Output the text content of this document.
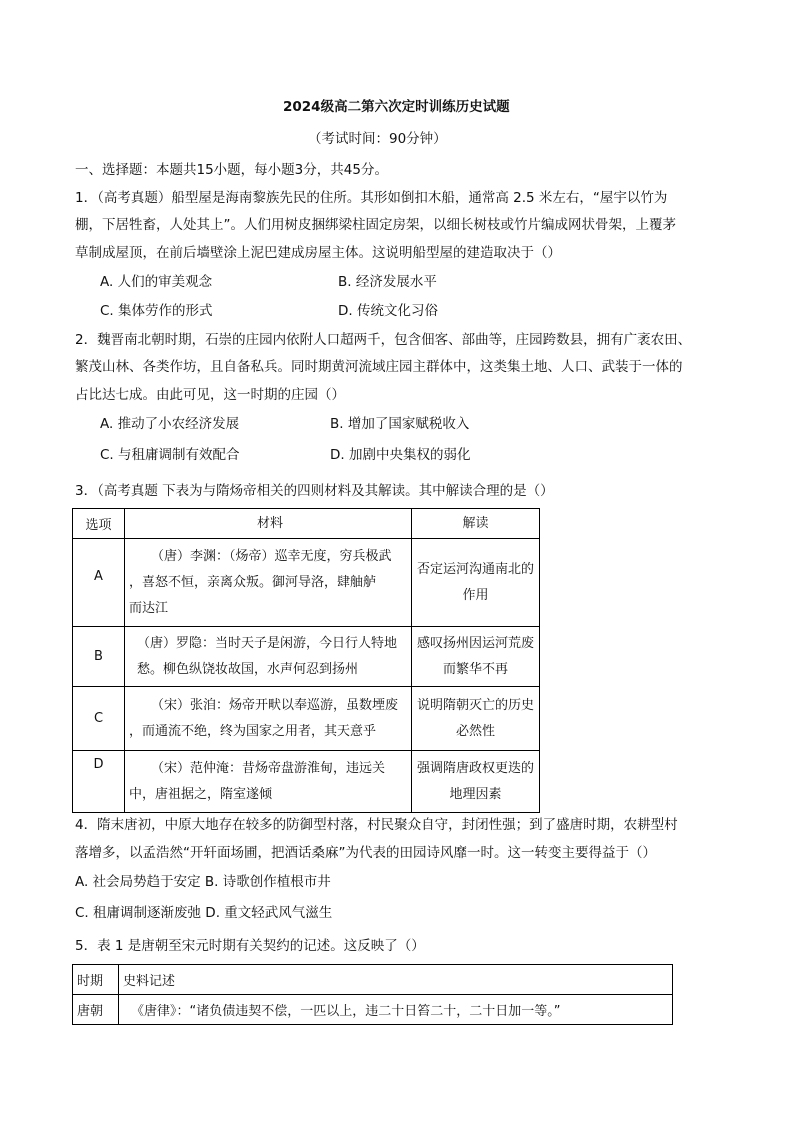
2024级高二第六次定时训练历史试题
（考试时间：90分钟）
一、选择题：本题共15小题，每小题3分，共45分。
1．（高考真题）船型屋是海南黎族先民的住所。其形如倒扣木船，通常高 2.5 米左右，“屋宇以竹为
棚，下居牲畜，人处其上”。人们用树皮捆绑梁柱固定房架，以细长树枝或竹片编成网状骨架，上覆茅
草制成屋顶，在前后墙壁涂上泥巴建成房屋主体。这说明船型屋的建造取决于（）
A. 人们的审美观念	B. 经济发展水平
C. 集体劳作的形式	D. 传统文化习俗
2．魏晋南北朝时期，石崇的庄园内依附人口超两千，包含佃客、部曲等，庄园跨数县，拥有广袤农田、
繁茂山林、各类作坊，且自备私兵。同时期黄河流域庄园主群体中，这类集土地、人口、武装于一体的
占比达七成。由此可见，这一时期的庄园（）
A. 推动了小农经济发展	B. 增加了国家赋税收入
C. 与租庸调制有效配合	D. 加剧中央集权的弱化
3．（高考真题 下表为与隋炀帝相关的四则材料及其解读。其中解读合理的是（）
选项	材料	解读
A	（唐）李渊：（炀帝）巡幸无度，穷兵极武
，喜怒不恒，亲离众叛。御河导洛，肆舳舻
而达江	否定运河沟通南北的
作用

B	（唐）罗隐：当时天子是闲游，今日行人特地
愁。柳色纵饶妆故国，水声何忍到扬州	感叹扬州因运河荒废
而繁华不再

C	（宋）张洎：炀帝开畎以奉巡游，虽数堙废
，而通流不绝，终为国家之用者，其天意乎	说明隋朝灭亡的历史
必然性

D	（宋）范仲淹：昔炀帝盘游淮甸，违远关
中，唐祖据之，隋室遂倾	强调隋唐政权更迭的
地理因素
4．隋末唐初，中原大地存在较多的防御型村落，村民聚众自守，封闭性强；到了盛唐时期，农耕型村
落增多，以孟浩然“开轩面场圃，把酒话桑麻”为代表的田园诗风靡一时。这一转变主要得益于（）
A. 社会局势趋于安定 B. 诗歌创作植根市井
C. 租庸调制逐渐废弛 D. 重文轻武风气滋生
5．表 1 是唐朝至宋元时期有关契约的记述。这反映了（）
时期	史料记述
唐朝	《唐律》：“诸负债违契不偿，一匹以上，违二十日笞二十，二十日加一等。”
